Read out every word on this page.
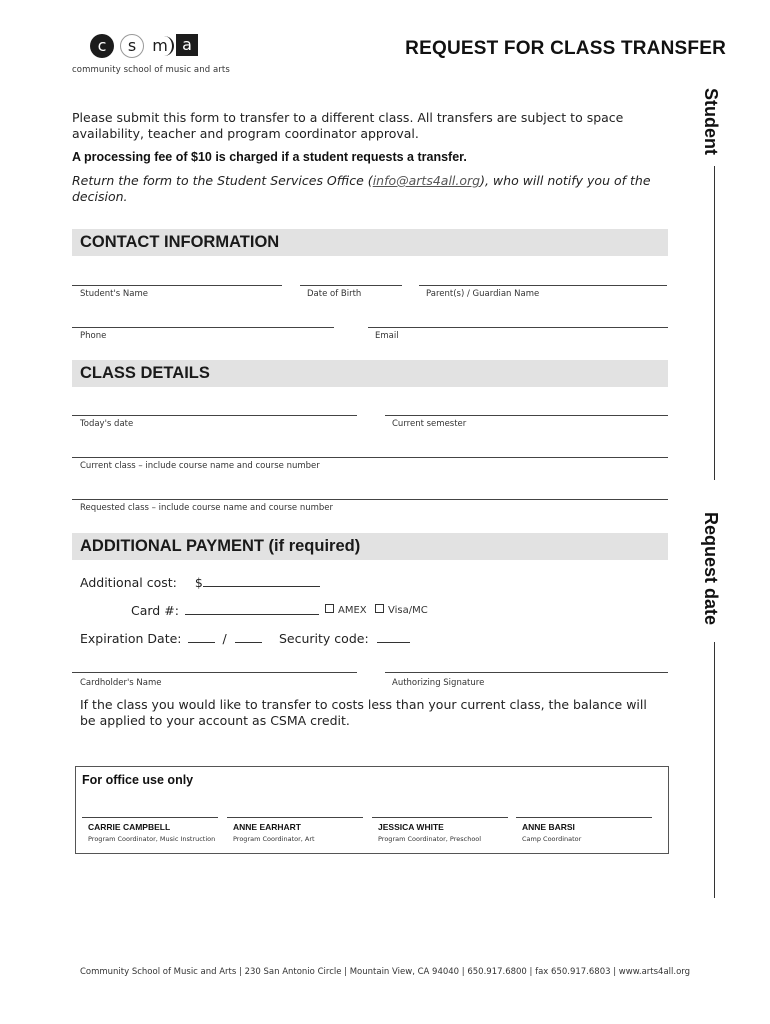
c	s	m a
community school of music and arts
REQUEST FOR CLASS TRANSFER
Student
Request date
Please submit this form to transfer to a different class. All transfers are subject to space availability, teacher and program coordinator approval.
A processing fee of $10 is charged if a student requests a transfer.
Return the form to the Student Services Office (info@arts4all.org), who will notify you of the decision.
CONTACT INFORMATION
Student's Name	Date of Birth	Parent(s) / Guardian Name
Phone	Email
CLASS DETAILS
Today's date	Current semester
Current class – include course name and course number
Requested class – include course name and course number
ADDITIONAL PAYMENT (if required)
Additional cost: $
Card #:	AMEX	Visa/MC
Expiration Date:	/	Security code:
Cardholder's Name	Authorizing Signature
If the class you would like to transfer to costs less than your current class, the balance will be applied to your account as CSMA credit.
For office use only
CARRIE CAMPBELL
Program Coordinator, Music Instruction
ANNE EARHART
Program Coordinator, Art
JESSICA WHITE
Program Coordinator, Preschool
ANNE BARSI
Camp Coordinator
Community School of Music and Arts | 230 San Antonio Circle | Mountain View, CA 94040 | 650.917.6800 | fax 650.917.6803 | www.arts4all.org
